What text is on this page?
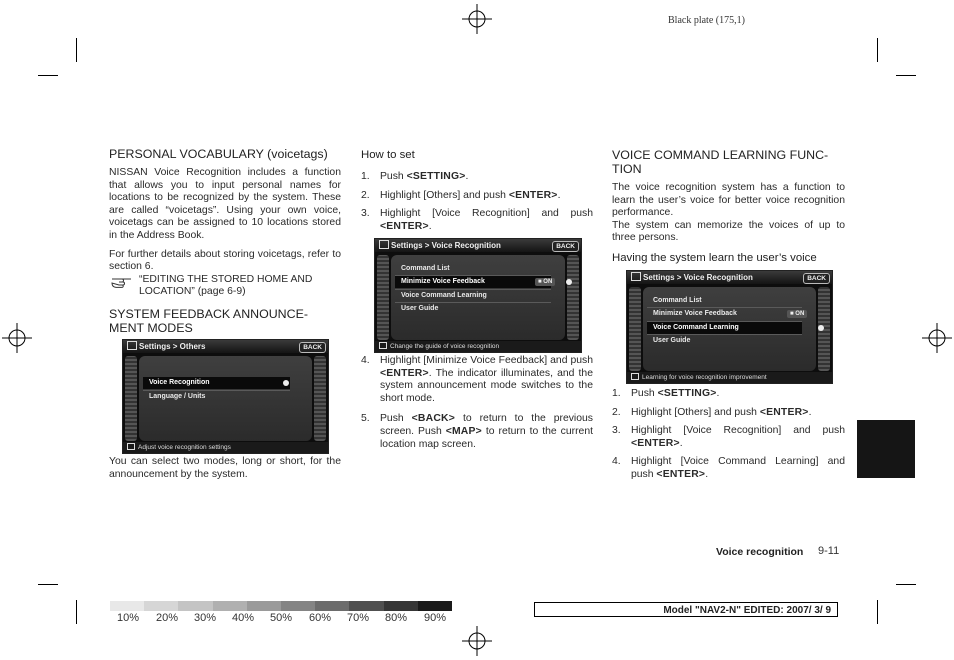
Black plate (175,1)
PERSONAL VOCABULARY (voicetags)

NISSAN Voice Recognition includes a function that allows you to input personal names for locations to be recognized by the system. These are called “voicetags”. Using your own voice, voicetags can be assigned to 10 locations stored in the Address Book.

For further details about storing voicetags, refer to section 6.

“EDITING THE STORED HOME AND
LOCATION” (page 6-9)
SYSTEM FEEDBACK ANNOUNCE-
MENT MODES
Settings > Others	BACK
Voice Recognition
Language / Units
Adjust voice recognition settings

You can select two modes, long or short, for the announcement by the system.

How to set
1. Push <SETTING>.
2. Highlight [Others] and push <ENTER>.
3. Highlight [Voice Recognition] and push <ENTER>.
Settings > Voice Recognition	BACK
Command List
Minimize Voice Feedback	■ ON
Voice Command Learning
User Guide
Change the guide of voice recognition
4. Highlight [Minimize Voice Feedback] and push <ENTER>. The indicator illuminates, and the system announcement mode switches to the short mode.
5. Push <BACK> to return to the previous screen. Push <MAP> to return to the current location map screen.
VOICE COMMAND LEARNING FUNC-
TION

The voice recognition system has a function to learn the user’s voice for better voice recognition performance.

The system can memorize the voices of up to three persons.

Having the system learn the user’s voice
Settings > Voice Recognition	BACK
Command List
Minimize Voice Feedback	■ ON
Voice Command Learning
User Guide
Learning for voice recognition improvement
1. Push <SETTING>.
2. Highlight [Others] and push <ENTER>.
3. Highlight [Voice Recognition] and push <ENTER>.
4. Highlight [Voice Command Learning] and push <ENTER>.
Voice recognition 9-11
10% 20% 30% 40% 50% 60% 70% 80% 90%
Model "NAV2-N" EDITED: 2007/ 3/ 9
